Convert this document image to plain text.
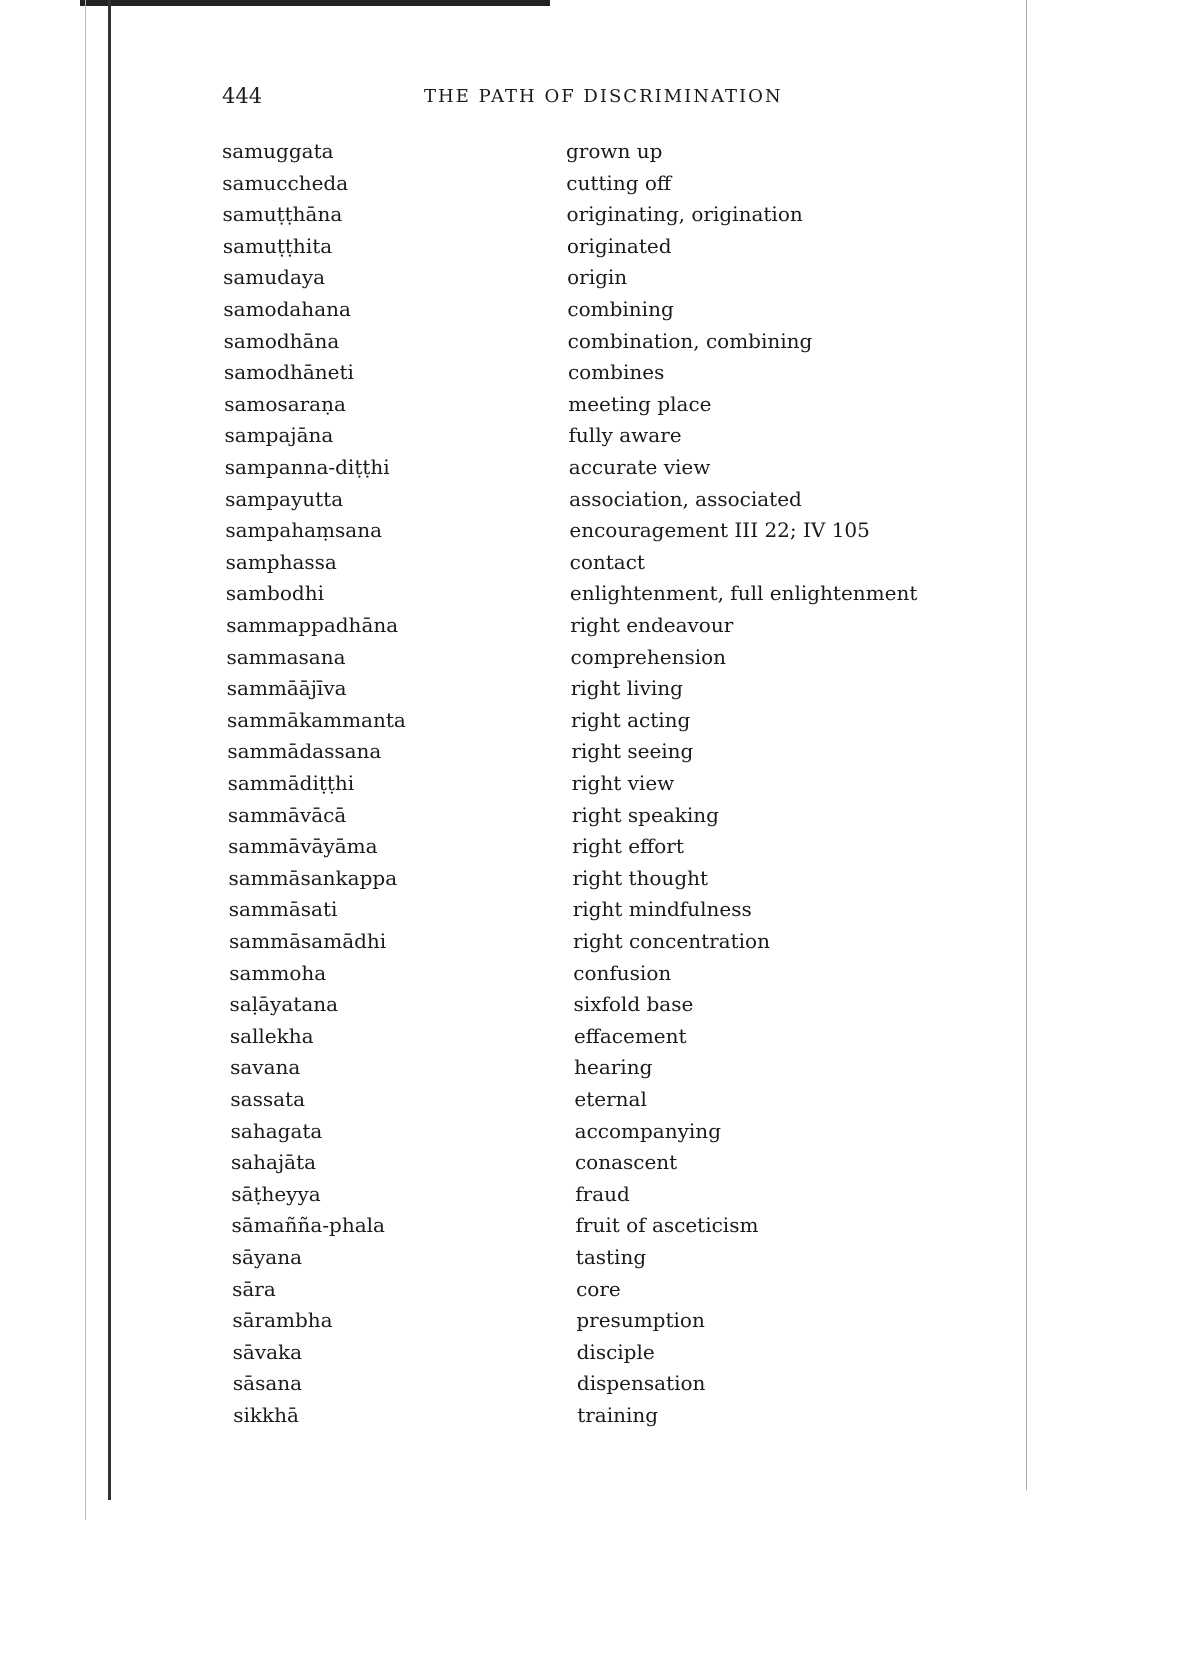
444	THE PATH OF DISCRIMINATION
samuggata	grown up
samuccheda	cutting off
samuṭṭhāna	originating, origination
samuṭṭhita	originated
samudaya	origin
samodahana	combining
samodhāna	combination, combining
samodhāneti	combines
samosaraṇa	meeting place
sampajāna	fully aware
sampanna-diṭṭhi	accurate view
sampayutta	association, associated
sampahaṃsana	encouragement III 22; IV 105
samphassa	contact
sambodhi	enlightenment, full enlightenment
sammappadhāna	right endeavour
sammasana	comprehension
sammāājīva	right living
sammākammanta	right acting
sammādassana	right seeing
sammādiṭṭhi	right view
sammāvācā	right speaking
sammāvāyāma	right effort
sammāsankappa	right thought
sammāsati	right mindfulness
sammāsamādhi	right concentration
sammoha	confusion
saḷāyatana	sixfold base
sallekha	effacement
savana	hearing
sassata	eternal
sahagata	accompanying
sahajāta	conascent
sāṭheyya	fraud
sāmañña-phala	fruit of asceticism
sāyana	tasting
sāra	core
sārambha	presumption
sāvaka	disciple
sāsana	dispensation
sikkhā	training
